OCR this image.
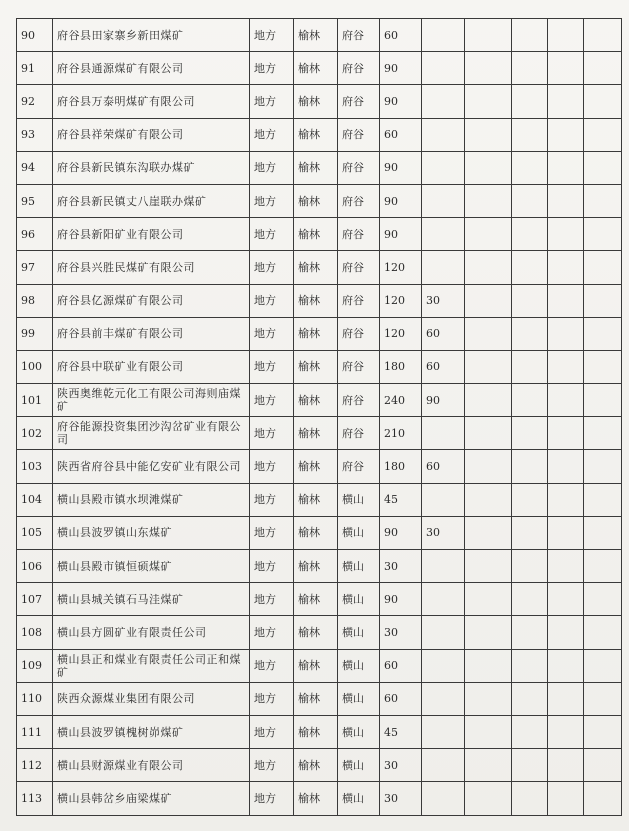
90	府谷县田家寨乡新田煤矿	地方	榆林	府谷	60					
91	府谷县通源煤矿有限公司	地方	榆林	府谷	90					
92	府谷县万泰明煤矿有限公司	地方	榆林	府谷	90					
93	府谷县祥荣煤矿有限公司	地方	榆林	府谷	60					
94	府谷县新民镇东沟联办煤矿	地方	榆林	府谷	90					
95	府谷县新民镇丈八崖联办煤矿	地方	榆林	府谷	90					
96	府谷县新阳矿业有限公司	地方	榆林	府谷	90					
97	府谷县兴胜民煤矿有限公司	地方	榆林	府谷	120					
98	府谷县亿源煤矿有限公司	地方	榆林	府谷	120	30				
99	府谷县前丰煤矿有限公司	地方	榆林	府谷	120	60				
100	府谷县中联矿业有限公司	地方	榆林	府谷	180	60				
101	陕西奥维乾元化工有限公司海则庙煤矿	地方	榆林	府谷	240	90				
102	府谷能源投资集团沙沟岔矿业有限公司	地方	榆林	府谷	210					
103	陕西省府谷县中能亿安矿业有限公司	地方	榆林	府谷	180	60				
104	横山县殿市镇水坝滩煤矿	地方	榆林	横山	45					
105	横山县波罗镇山东煤矿	地方	榆林	横山	90	30				
106	横山县殿市镇恒硕煤矿	地方	榆林	横山	30					
107	横山县城关镇石马洼煤矿	地方	榆林	横山	90					
108	横山县方圆矿业有限责任公司	地方	榆林	横山	30					
109	横山县正和煤业有限责任公司正和煤矿	地方	榆林	横山	60					
110	陕西众源煤业集团有限公司	地方	榆林	横山	60					
111	横山县波罗镇槐树峁煤矿	地方	榆林	横山	45					
112	横山县财源煤业有限公司	地方	榆林	横山	30					
113	横山县韩岔乡庙梁煤矿	地方	榆林	横山	30					
